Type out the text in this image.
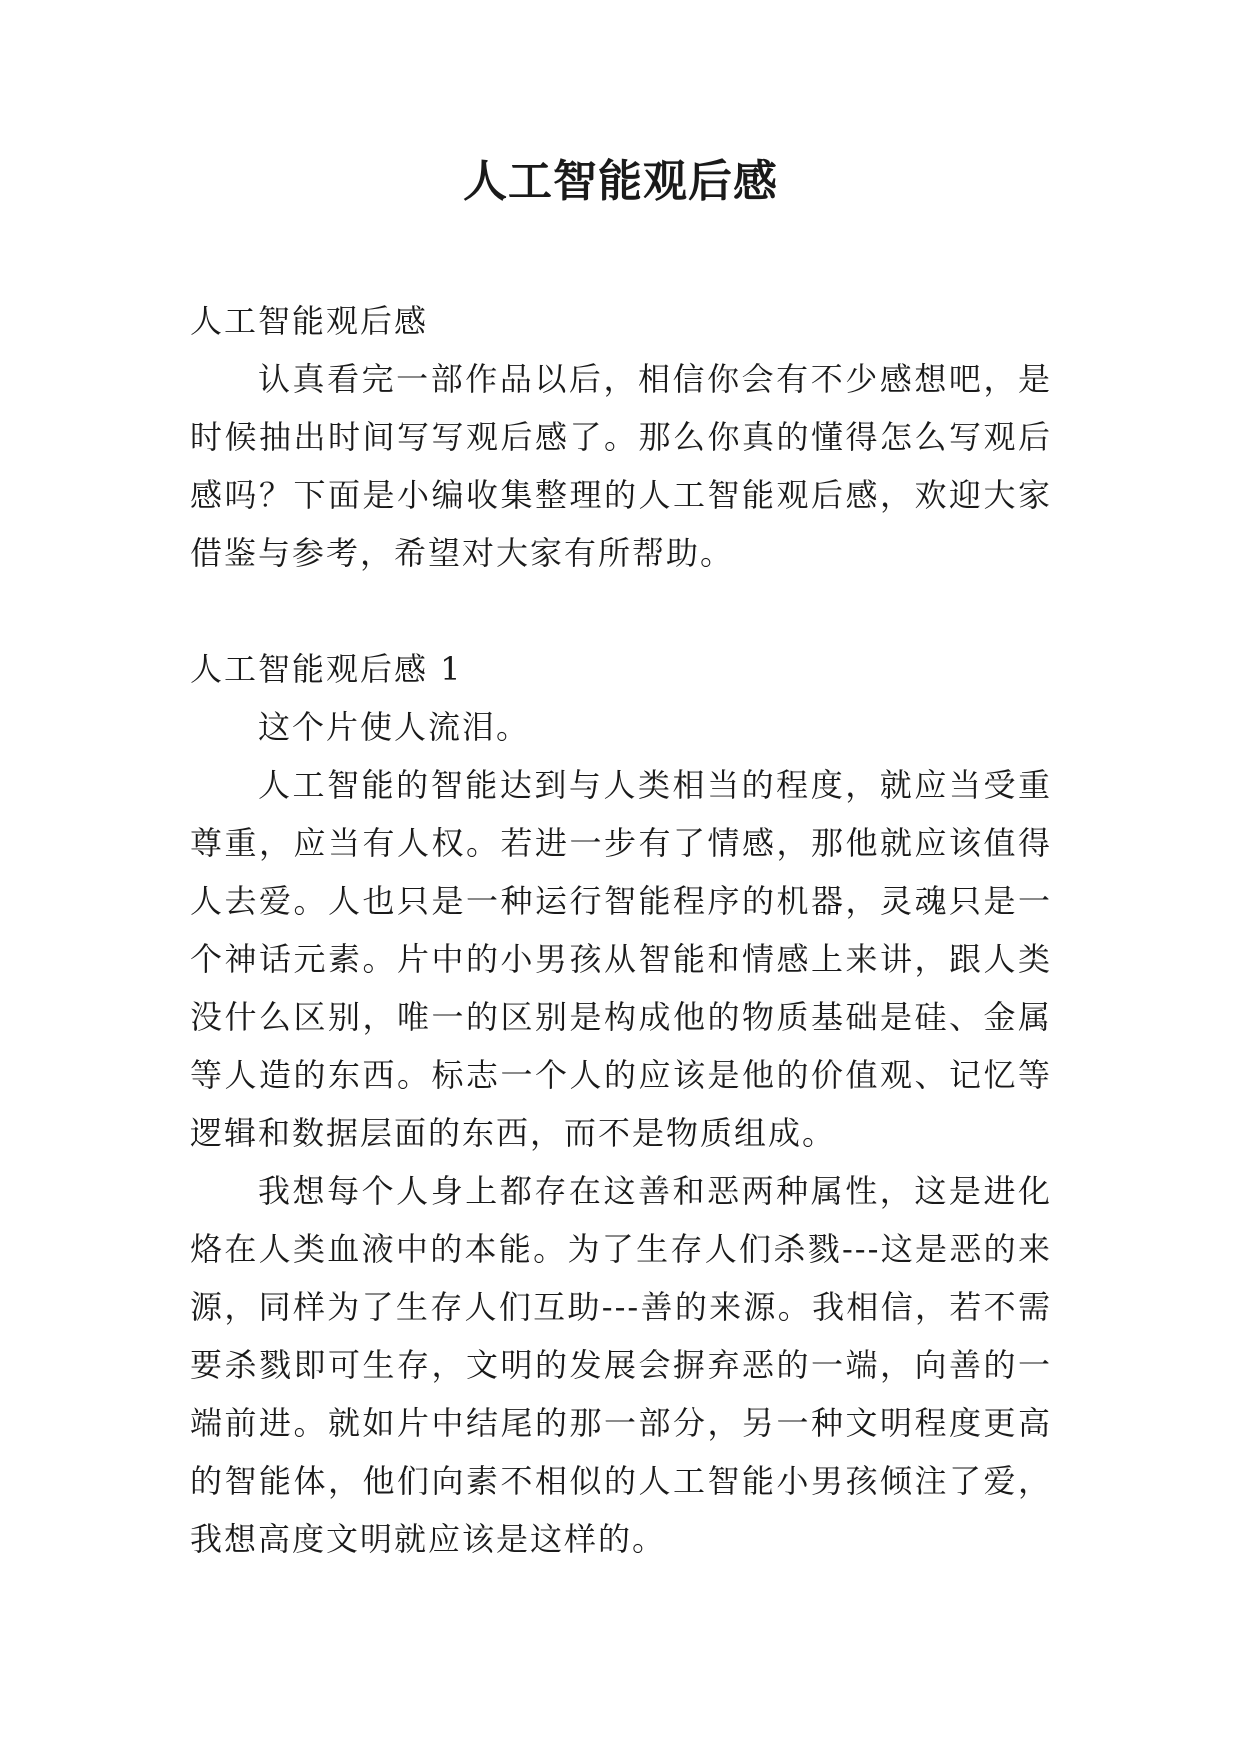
人工智能观后感

人工智能观后感

认真看完一部作品以后，相信你会有不少感想吧，是时候抽出时间写写观后感了。那么你真的懂得怎么写观后感吗？下面是小编收集整理的人工智能观后感，欢迎大家借鉴与参考，希望对大家有所帮助。

人工智能观后感 1

这个片使人流泪。

人工智能的智能达到与人类相当的程度，就应当受重尊重，应当有人权。若进一步有了情感，那他就应该值得人去爱。人也只是一种运行智能程序的机器，灵魂只是一个神话元素。片中的小男孩从智能和情感上来讲，跟人类没什么区别，唯一的区别是构成他的物质基础是硅、金属等人造的东西。标志一个人的应该是他的价值观、记忆等逻辑和数据层面的东西，而不是物质组成。

我想每个人身上都存在这善和恶两种属性，这是进化烙在人类血液中的本能。为了生存人们杀戮---这是恶的来源，同样为了生存人们互助---善的来源。我相信，若不需要杀戮即可生存，文明的发展会摒弃恶的一端，向善的一端前进。就如片中结尾的那一部分，另一种文明程度更高的智能体，他们向素不相似的人工智能小男孩倾注了爱，我想高度文明就应该是这样的。
